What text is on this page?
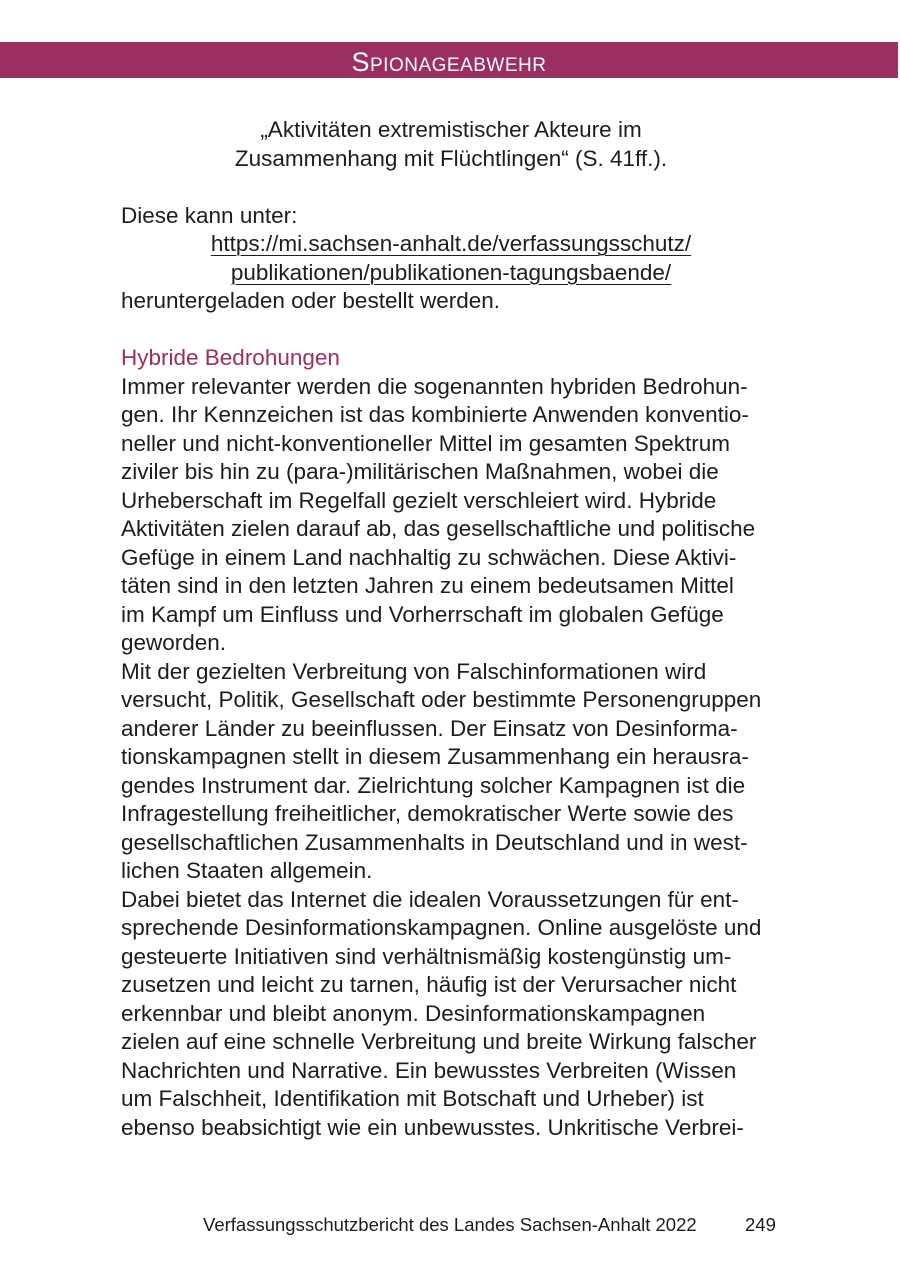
Spionageabwehr
„Aktivitäten extremistischer Akteure im
Zusammenhang mit Flüchtlingen“ (S. 41ff.).
Diese kann unter:
https://mi.sachsen-anhalt.de/verfassungsschutz/
publikationen/publikationen-tagungsbaende/
heruntergeladen oder bestellt werden.
Hybride Bedrohungen
Immer relevanter werden die sogenannten hybriden Bedrohun-
gen. Ihr Kennzeichen ist das kombinierte Anwenden konventio-
neller und nicht-konventioneller Mittel im gesamten Spektrum
ziviler bis hin zu (para-)militärischen Maßnahmen, wobei die
Urheberschaft im Regelfall gezielt verschleiert wird. Hybride
Aktivitäten zielen darauf ab, das gesellschaftliche und politische
Gefüge in einem Land nachhaltig zu schwächen. Diese Aktivi-
täten sind in den letzten Jahren zu einem bedeutsamen Mittel
im Kampf um Einfluss und Vorherrschaft im globalen Gefüge
geworden.
Mit der gezielten Verbreitung von Falschinformationen wird
versucht, Politik, Gesellschaft oder bestimmte Personengruppen
anderer Länder zu beeinflussen. Der Einsatz von Desinforma-
tionskampagnen stellt in diesem Zusammenhang ein herausra-
gendes Instrument dar. Zielrichtung solcher Kampagnen ist die
Infragestellung freiheitlicher, demokratischer Werte sowie des
gesellschaftlichen Zusammenhalts in Deutschland und in west-
lichen Staaten allgemein.
Dabei bietet das Internet die idealen Voraussetzungen für ent-
sprechende Desinformationskampagnen. Online ausgelöste und
gesteuerte Initiativen sind verhältnismäßig kostengünstig um-
zusetzen und leicht zu tarnen, häufig ist der Verursacher nicht
erkennbar und bleibt anonym. Desinformationskampagnen
zielen auf eine schnelle Verbreitung und breite Wirkung falscher
Nachrichten und Narrative. Ein bewusstes Verbreiten (Wissen
um Falschheit, Identifikation mit Botschaft und Urheber) ist
ebenso beabsichtigt wie ein unbewusstes. Unkritische Verbrei-
Verfassungsschutzbericht des Landes Sachsen-Anhalt 2022	249
